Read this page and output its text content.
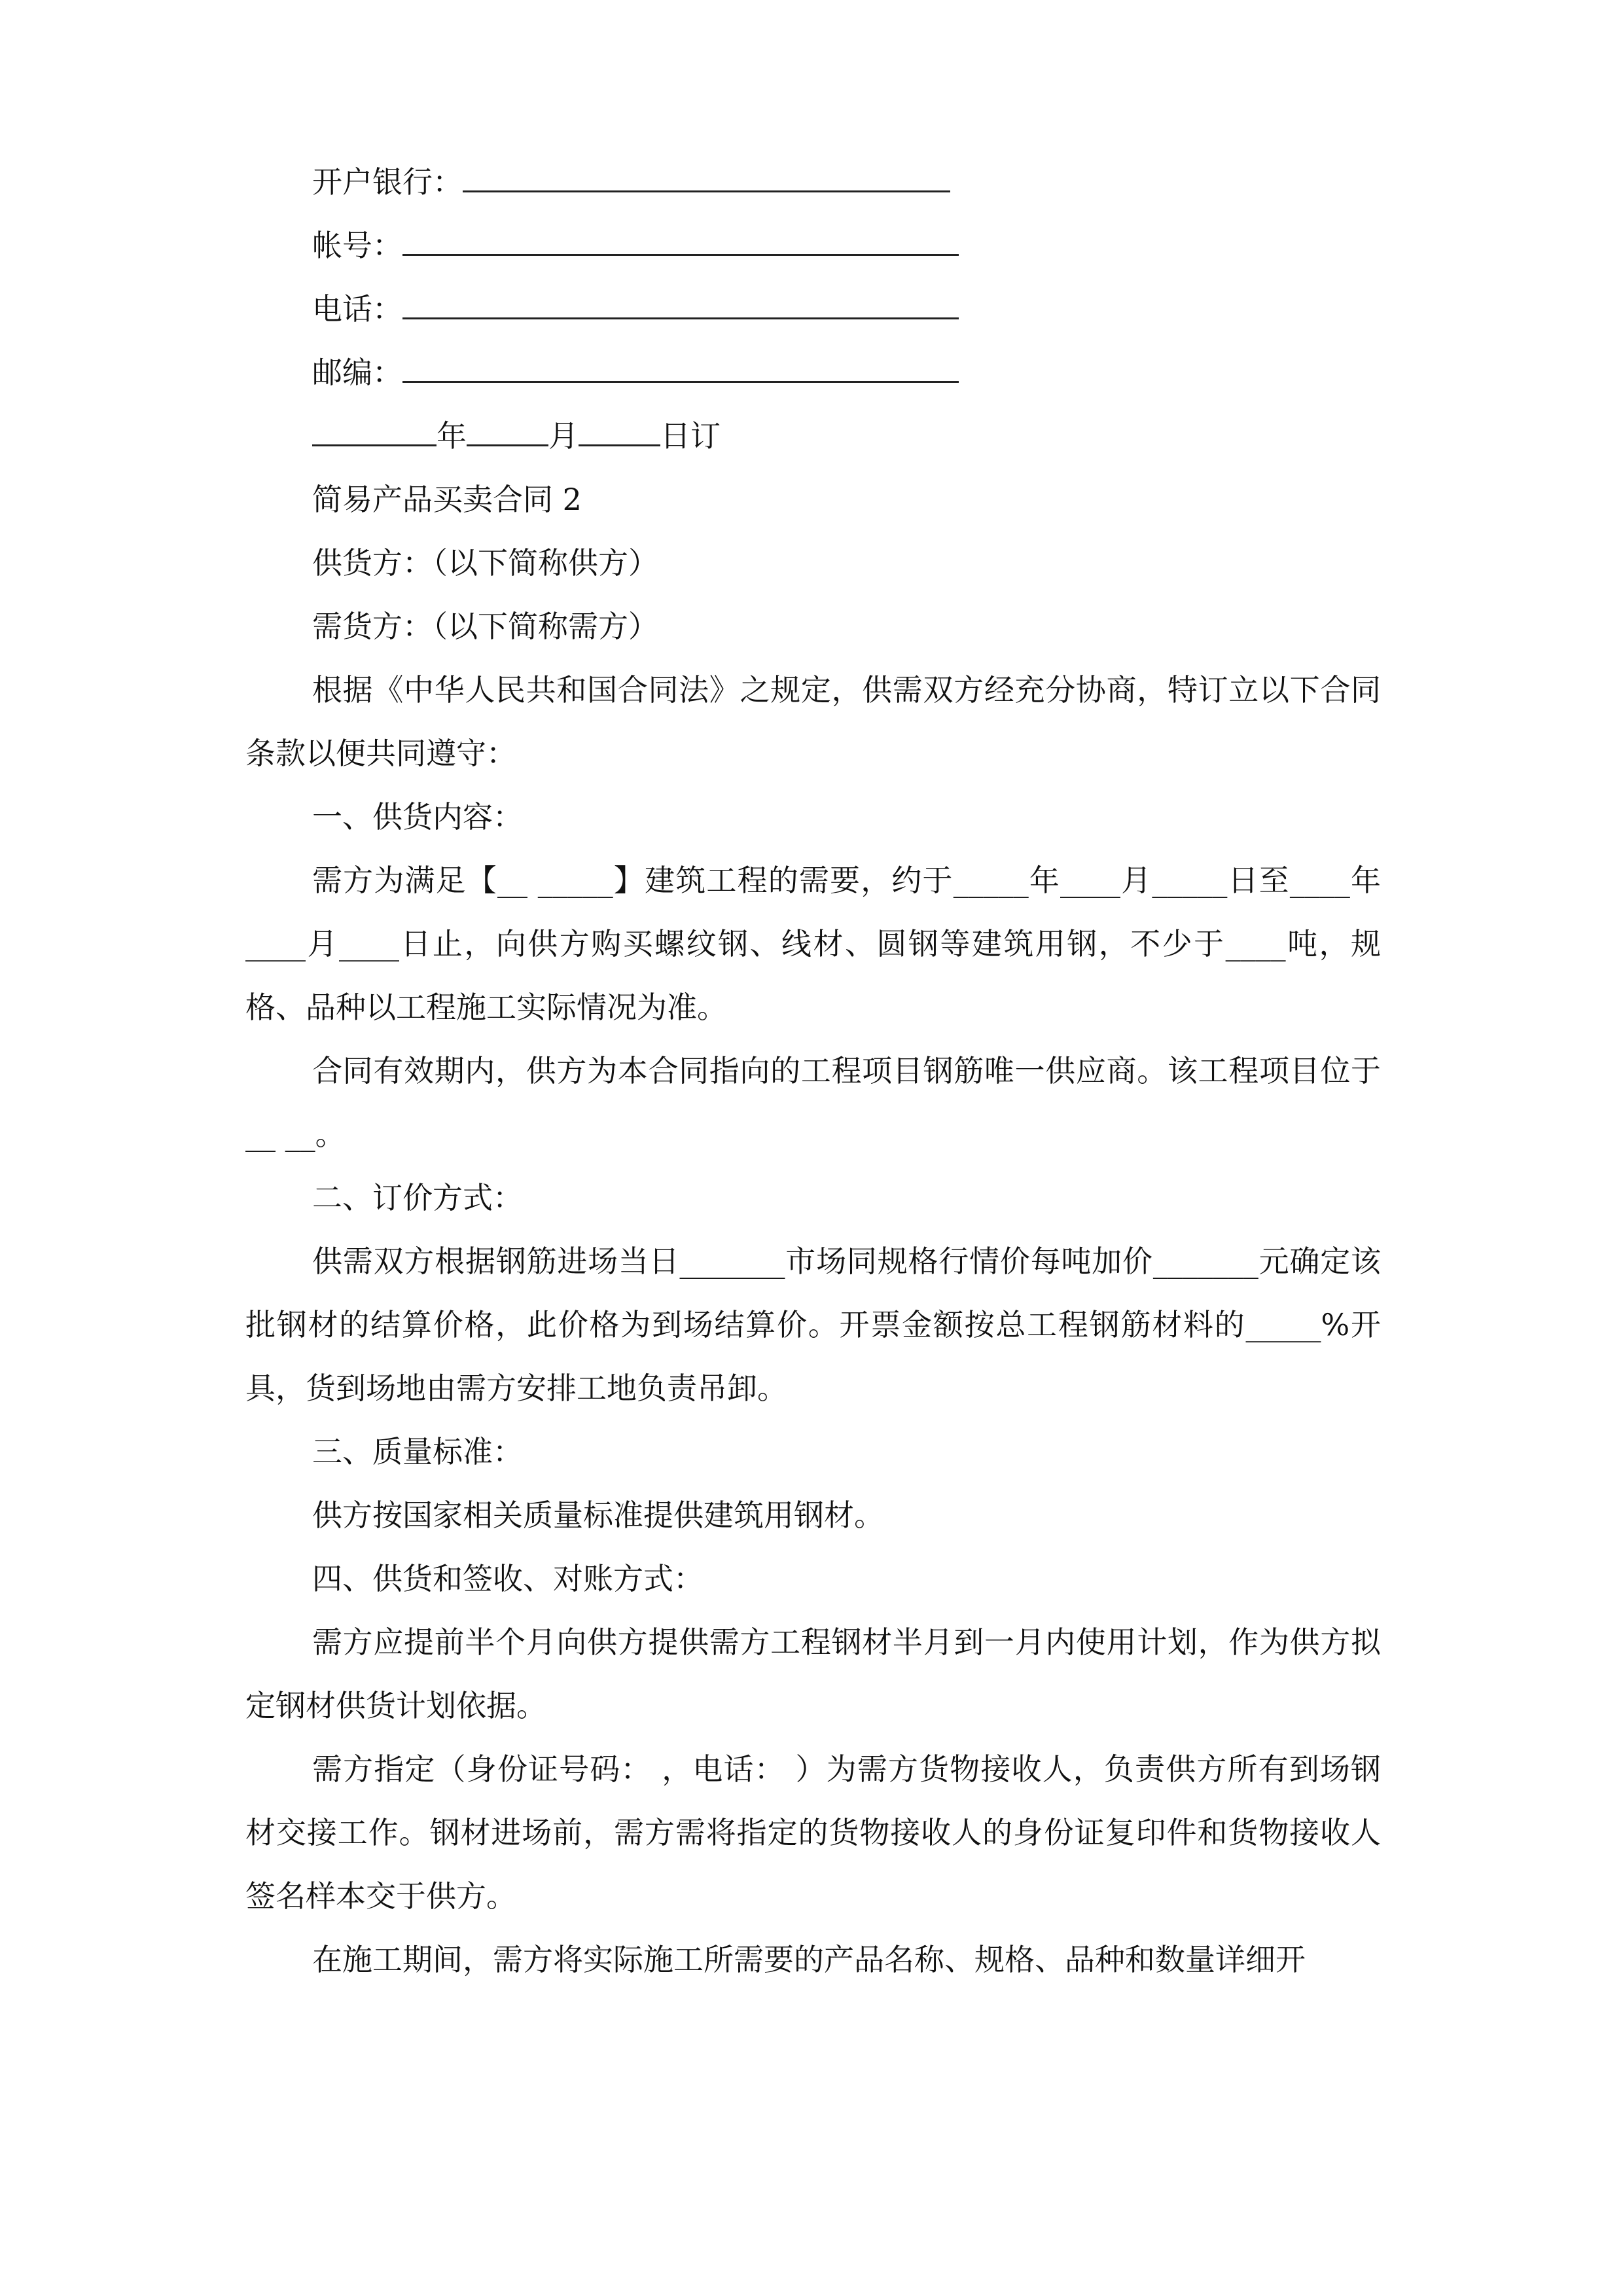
开户银行：
帐号：
电话：
邮编：
年	月	日订

简易产品买卖合同 2

供货方：（以下简称供方）

需货方：（以下简称需方）

根据《中华人民共和国合同法》之规定，供需双方经充分协商，特订立以下合同条款以便共同遵守：

一、供货内容：

需方为满足【__ _____】建筑工程的需要，约于_____年____月_____日至____年____月____日止，向供方购买螺纹钢、线材、圆钢等建筑用钢，不少于____吨，规格、品种以工程施工实际情况为准。

合同有效期内，供方为本合同指向的工程项目钢筋唯一供应商。该工程项目位于__ __。

二、订价方式：

供需双方根据钢筋进场当日_______市场同规格行情价每吨加价_______元确定该批钢材的结算价格，此价格为到场结算价。开票金额按总工程钢筋材料的_____%开具，货到场地由需方安排工地负责吊卸。

三、质量标准：

供方按国家相关质量标准提供建筑用钢材。

四、供货和签收、对账方式：

需方应提前半个月向供方提供需方工程钢材半月到一月内使用计划，作为供方拟定钢材供货计划依据。

需方指定（身份证号码： ，电话： ）为需方货物接收人，负责供方所有到场钢材交接工作。钢材进场前，需方需将指定的货物接收人的身份证复印件和货物接收人签名样本交于供方。

在施工期间，需方将实际施工所需要的产品名称、规格、品种和数量详细开
